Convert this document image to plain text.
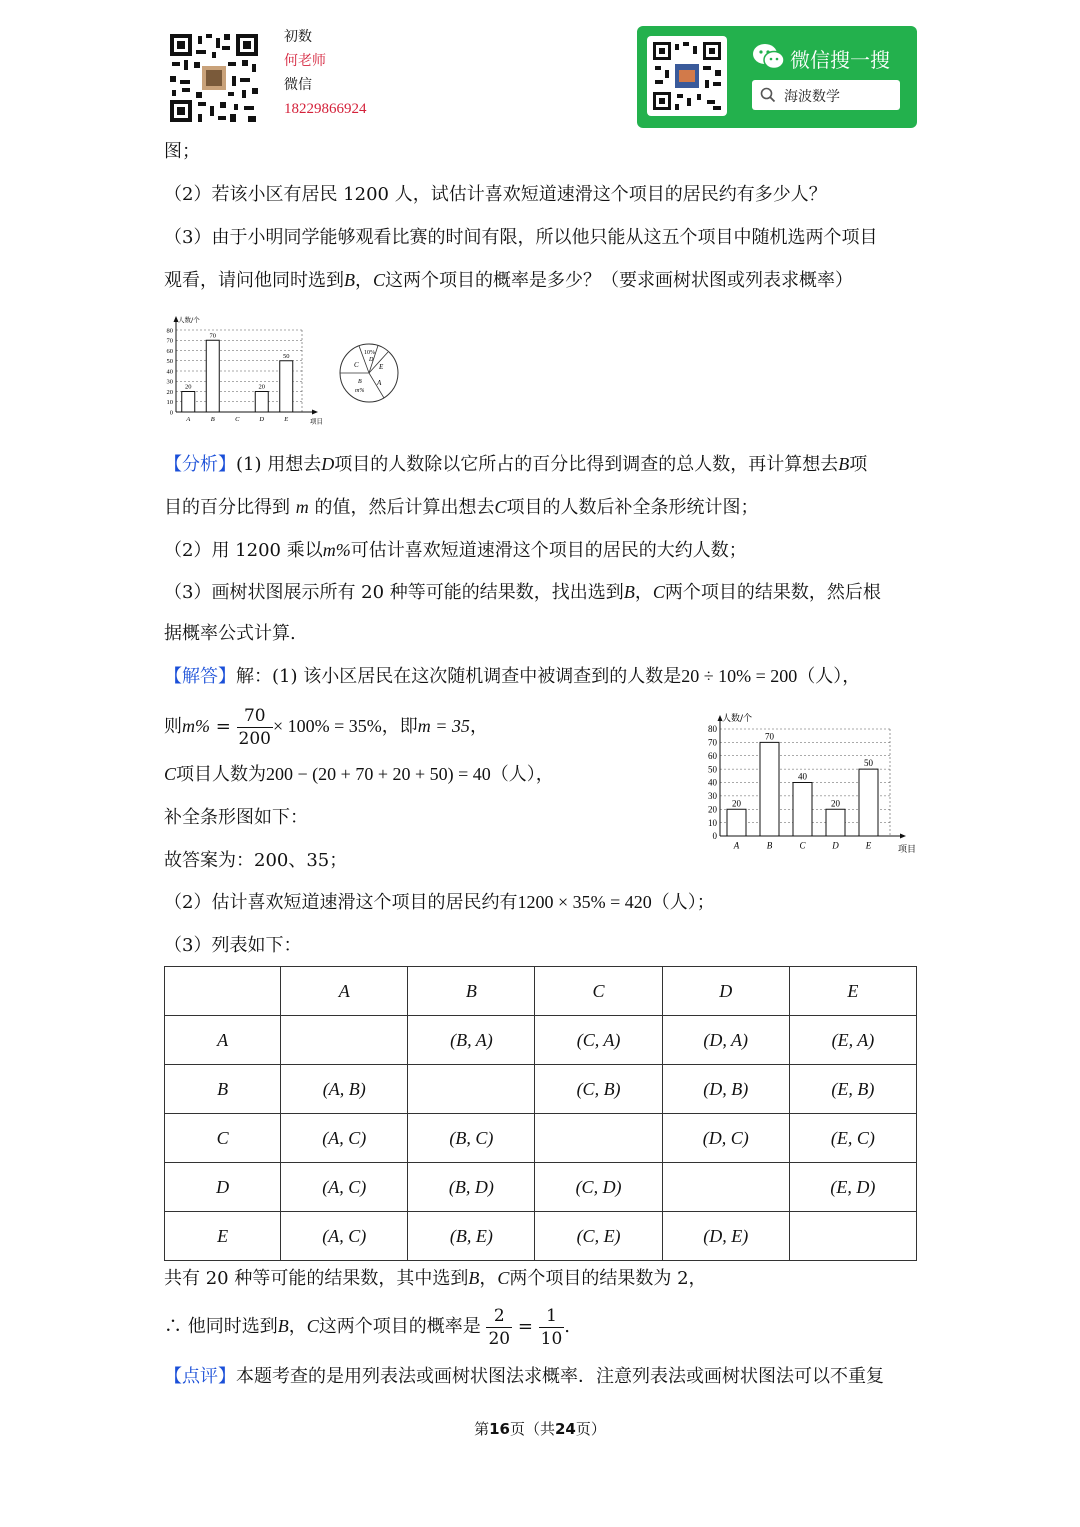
初数
何老师
微信
18229866924
微信搜一搜
海波数学
图；
（2）若该小区有居民 1200 人，试估计喜欢短道速滑这个项目的居民约有多少人？
（3）由于小明同学能够观看比赛的时间有限，所以他只能从这五个项目中随机选两个项目
观看，请问他同时选到B，C这两个项目的概率是多少？（要求画树状图或列表求概率）
0
10
20
30
40
50
60
70
80
人数/个
项目
20
A
70
B	C
20
D
50
E
C
10%
D
E
A
B
m%
【分析】(1) 用想去D项目的人数除以它所占的百分比得到调查的总人数，再计算想去B项
目的百分比得到 m 的值，然后计算出想去C项目的人数后补全条形统计图；
（2）用 1200 乘以m%可估计喜欢短道速滑这个项目的居民的大约人数；
（3）画树状图展示所有 20 种等可能的结果数，找出选到B，C两个项目的结果数，然后根
据概率公式计算.
【解答】解：(1) 该小区居民在这次随机调查中被调查到的人数是20 ÷ 10% = 200（人），
则$m\% = \frac{70}{200} \times 100\% = 35\%$，即m = 35，
C项目人数为200 − (20 + 70 + 20 + 50) = 40（人），
补全条形图如下：
故答案为：200、35；
（2）估计喜欢短道速滑这个项目的居民约有1200 × 35% = 420（人）；
（3）列表如下：
0
10
20
30
40
50
60
70
80
人数/个
项目
20
A
70
B
40
C
20
D
50
E
	A	B	C	D	E
A		(B, A)	(C, A)	(D, A)	(E, A)
B	(A, B)		(C, B)	(D, B)	(E, B)
C	(A, C)	(B, C)		(D, C)	(E, C)
D	(A, C)	(B, D)	(C, D)		(E, D)
E	(A, C)	(B, E)	(C, E)	(D, E)	
共有 20 种等可能的结果数，其中选到B，C两个项目的结果数为 2，
∴ 他同时选到B，C这两个项目的概率是 $\frac{2}{20} = \frac{1}{10}$ .
【点评】本题考查的是用列表法或画树状图法求概率．注意列表法或画树状图法可以不重复
第16页（共24页）
